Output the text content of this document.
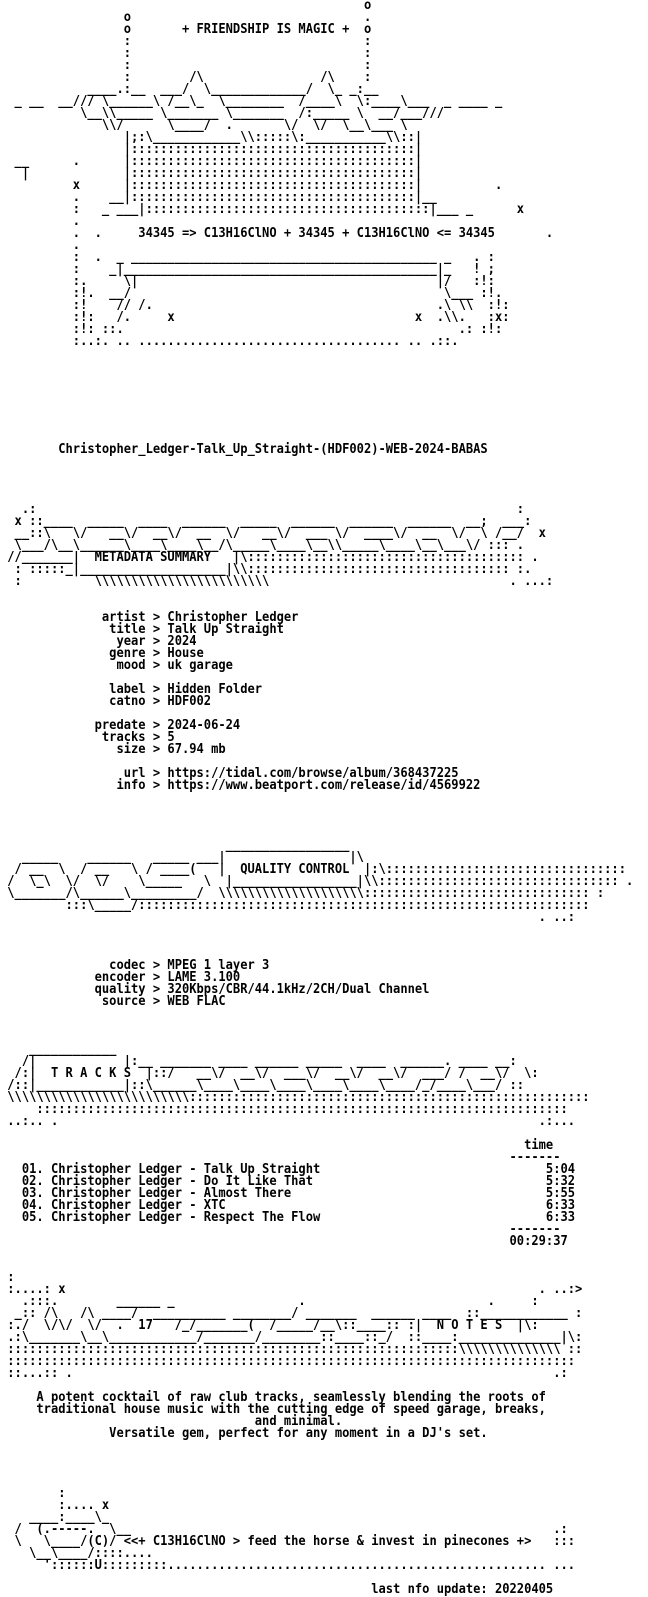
o
o                                .
o       + FRIENDSHIP IS MAGIC +  o
:                                :
:                                :
:                                :
:        /\                /\    :
____.:__  ___/  \_____________/  \_ _:__
_ __  __/// \______\ /__\_  \________  /____\  \:____\___  _ ____ _
\__\\_____ \_______ \_______  /:_____ \  __/___///
\\/      \____/  .       \/  \/  \__\___ \
|;:\____________\\:::::\:___________\\::|
|:::::::::::::::::::::::::::::::::::::::|
__      .      |:::::::::::::::::::::::::::::::::::::::|
|             |:::::::::::::::::::::::::::::::::::::::|
x      |:::::::::::::::::::::::::::::::::::::::|          .
.    __|:::::::::::::::::::::::::::::::::::::::|__
:   _ ___|:::::::::::::::::::::::::::::::::::::::|___ _      x
.
.  .     34345 => C13H16ClNO + 34345 + C13H16ClNO <= 34345       .
.
:  .  _ __________________________________________ _   . :
:    _|___________________________________________|_   ! ;
:.     \|                                         |/   :!:
:!.  __/                                           \___ :!.
:!    // /.                                       .\ \\  :!:
:!:   /.     x                                 x  .\\.   :x:
:!: ::.                                              .: :!:
:..:. .. .................................... .. .::.

Christopher_Ledger-Talk_Up_Straight-(HDF002)-WEB-2024-BABAS

.:                                                                  :
x ::____  _____  ____  ______  _____  ______  ______  ______  __;  ___:
__::\   \/   __\/  __\/  __  \/   __\/  ___ \/  ____\/  __  \/  \ /__/  x
\___/\__\______\____\____\__/\_____\____\__\\_____\____\__\___\/ ::: .
//_______|  METADATA SUMMARY   |\:::::::::::::::::::::::::::::::::::::: .
: :::::_|____________________|\\:::::::::::::::::::::::::::::::::::: :.
:          \\\\\\\\\\\\\\\\\\\\\\\\                                 . ...:

artist > Christopher Ledger
title > Talk Up Straight
year > 2024
genre > House
mood > uk garage

label > Hidden Folder
catno > HDF002

predate > 2024-06-24
tracks > 5
size > 67.94 mb

url > https://tidal.com/browse/album/368437225
info > https://www.beatport.com/release/id/4569922

_________________
_____    ______   _____ ___|                 |\
/ __  \  / __   \ / ____(   |  QUALITY CONTROL  |:\:::::::::::::::::::::::::::::::::
/  \_\  \/  \/    \_____   \  |_________________|\\::::::::::::::::::::::::::::::::: .
\_______/\______\_________/  \\\\\\\\\\\\\\\\\\\\::::::::::::::::::::::::::::::: :
:::\_____/::::::::::::::::::::::::::::::::::::::::::::::::::::::::::::::
. ..:

codec > MPEG 1 layer 3
encoder > LAME 3.100
quality > 320Kbps/CBR/44.1kHz/2CH/Dual Channel
source > WEB FLAC

____________
/|            |:__ _______ ____ ______ _____  ____  ______. ____ __:
/:|  T R A C K S  |::/   __\/  __\/  ___\/  __\/  __\/  ___/ /  __\/  \:
/::|____________|::\______\____\____\____\____\____\____/_/____\___/ ::
\\\\\\\\\\\\\\\\\\\\\\\\\:::::::::::::::::::::::::::::::::::::::::::::::::::::::
:::::::::::::::::::::::::::::::::::::::::::::::::::::::::::::::::::::::::
..:.. .                                                                  .:...

time
-------
01. Christopher Ledger - Talk Up Straight                               5:04
02. Christopher Ledger - Do It Like That                                5:32
03. Christopher Ledger - Almost There                                   5:55
04. Christopher Ledger - XTC                                            6:33
05. Christopher Ledger - Respect The Flow                               6:33
-------
00:29:37

:
:....: x                                                                 . ..:>
.:::.        ______ _                 .                         .     :
_:: /\   /\ ____/  __________ ________/ _______  ______ ____  ::____________ :
:./  \/\/  \/  .  17   /_/_______(  /_____/__\::____:: :|  N O T E S  |\:
.:\_______\__\____________/_______/________::____::_/  ::____:______________|\:
::::::::::::::::::::::::::::::::::::::::::::::::::::::::::::::\\\\\\\\\\\\\\ ::
::::::::::::::::::::::::::::::::::::::::::::::::::::::::::::::::::::::::::::::
::...:: .                                                                  .:

A potent cocktail of raw club tracks, seamlessly blending the roots of
traditional house music with the cutting edge of speed garage, breaks,
and minimal.
Versatile gem, perfect for any moment in a DJ's set.

:
:.... x
____:____\_
/  (.-----.  \__                                                          .:
\   \____/(C)/ <<+ C13H16ClNO > feed the horse & invest in pinecones +>   :::
\__\____/::::....
'::::::U:::::::::.................................................... ...

last nfo update: 20220405
